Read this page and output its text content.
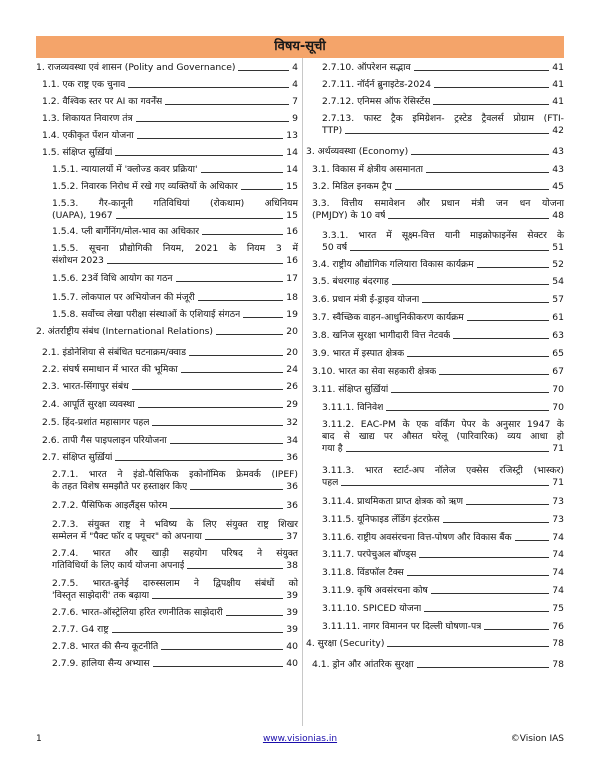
विषय-सूची
1. राजव्यवस्था एवं शासन (Polity and Governance)	4
1.1. एक राष्ट्र एक चुनाव	4
1.2. वैश्विक स्तर पर AI का गवर्नेंस	7
1.3. शिकायत निवारण तंत्र	9
1.4. एकीकृत पेंशन योजना	13
1.5. संक्षिप्त सुर्ख़ियां	14
1.5.1. न्यायालयों में 'क्लोज्ड कवर प्रक्रिया'	14
1.5.2. निवारक निरोध में रखे गए व्यक्तियों के अधिकार	15
1.5.3. गैर-कानूनी गतिविधियां (रोकथाम) अधिनियम
(UAPA), 1967	15
1.5.4. प्ली बार्गेनिंग/मोल-भाव का अधिकार	16
1.5.5. सूचना प्रौद्योगिकी नियम, 2021 के नियम 3 में
संशोधन 2023	16
1.5.6. 23वें विधि आयोग का गठन	17
1.5.7. लोकपाल पर अभियोजन की मंजूरी	18
1.5.8. सर्वोच्च लेखा परीक्षा संस्थाओं के एशियाई संगठन	19
2. अंतर्राष्ट्रीय संबंध (International Relations)	20
2.1. इंडोनेशिया से संबंधित घटनाक्रम/क्वाड	20
2.2. संघर्ष समाधान में भारत की भूमिका	24
2.3. भारत-सिंगापुर संबंध	26
2.4. आपूर्ति सुरक्षा व्यवस्था	29
2.5. हिंद-प्रशांत महासागर पहल	32
2.6. तापी गैस पाइपलाइन परियोजना	34
2.7. संक्षिप्त सुर्ख़ियां	36
2.7.1. भारत ने इंडो-पैसिफिक इकोनॉमिक फ्रेमवर्क (IPEF)
के तहत विशेष समझौते पर हस्ताक्षर किए	36
2.7.2. पैसिफिक आइलैंड्स फोरम	36
2.7.3. संयुक्त राष्ट्र ने भविष्य के लिए संयुक्त राष्ट्र शिखर
सम्मेलन में "पैक्ट फॉर द फ्यूचर" को अपनाया	37
2.7.4. भारत और खाड़ी सहयोग परिषद ने संयुक्त
गतिविधियों के लिए कार्य योजना अपनाई	38
2.7.5. भारत-ब्रुनेई दारुस्सलाम ने द्विपक्षीय संबंधों को
'विस्तृत साझेदारी' तक बढ़ाया	39
2.7.6. भारत-ऑस्ट्रेलिया हरित रणनीतिक साझेदारी	39
2.7.7. G4 राष्ट्र	39
2.7.8. भारत की सैन्य कूटनीति	40
2.7.9. हालिया सैन्य अभ्यास	40
2.7.10. ऑपरेशन सद्भाव	41
2.7.11. नॉर्दर्न ब्रुनाइटेड-2024	41
2.7.12. एनिमस ऑफ रेसिस्टेंस	41
2.7.13. फास्ट ट्रैक इमिग्रेशन- ट्रस्टेड ट्रैवलर्स प्रोग्राम (FTI-
TTP)	42
3. अर्थव्यवस्था (Economy)	43
3.1. विकास में क्षेत्रीय असमानता	43
3.2. मिडिल इनकम ट्रैप	45
3.3. वित्तीय समावेशन और प्रधान मंत्री जन धन योजना
(PMJDY) के 10 वर्ष	48
3.3.1. भारत में सूक्ष्म-वित्त यानी माइक्रोफाइनेंस सेक्टर के
50 वर्ष	51
3.4. राष्ट्रीय औद्योगिक गलियारा विकास कार्यक्रम	52
3.5. बंधरगाह बंदरगाह	54
3.6. प्रधान मंत्री ई-ड्राइव योजना	57
3.7. स्वैच्छिक वाहन-आधुनिकीकरण कार्यक्रम	61
3.8. खनिज सुरक्षा भागीदारी वित्त नेटवर्क	63
3.9. भारत में इस्पात क्षेत्रक	65
3.10. भारत का सेवा सहकारी क्षेत्रक	67
3.11. संक्षिप्त सुर्ख़ियां	70
3.11.1. विनिवेश	70
3.11.2. EAC-PM के एक वर्किंग पेपर के अनुसार 1947 के
बाद से खाद्य पर औसत घरेलू (पारिवारिक) व्यय आधा हो
गया है	71
3.11.3. भारत स्टार्ट-अप नॉलेज एक्सेस रजिस्ट्री (भास्कर)
पहल	71
3.11.4. प्राथमिकता प्राप्त क्षेत्रक को ऋण	73
3.11.5. यूनिफाइड लेंडिंग इंटरफ़ेस	73
3.11.6. राष्ट्रीय अवसंरचना वित्त-पोषण और विकास बैंक	74
3.11.7. परपेचुअल बॉण्ड्स	74
3.11.8. विंडफॉल टैक्स	74
3.11.9. कृषि अवसंरचना कोष	74
3.11.10. SPICED योजना	75
3.11.11. नागर विमानन पर दिल्ली घोषणा-पत्र	76
4. सुरक्षा (Security)	78
4.1. ड्रोन और आंतरिक सुरक्षा	78
1	www.visionias.in	©Vision IAS
